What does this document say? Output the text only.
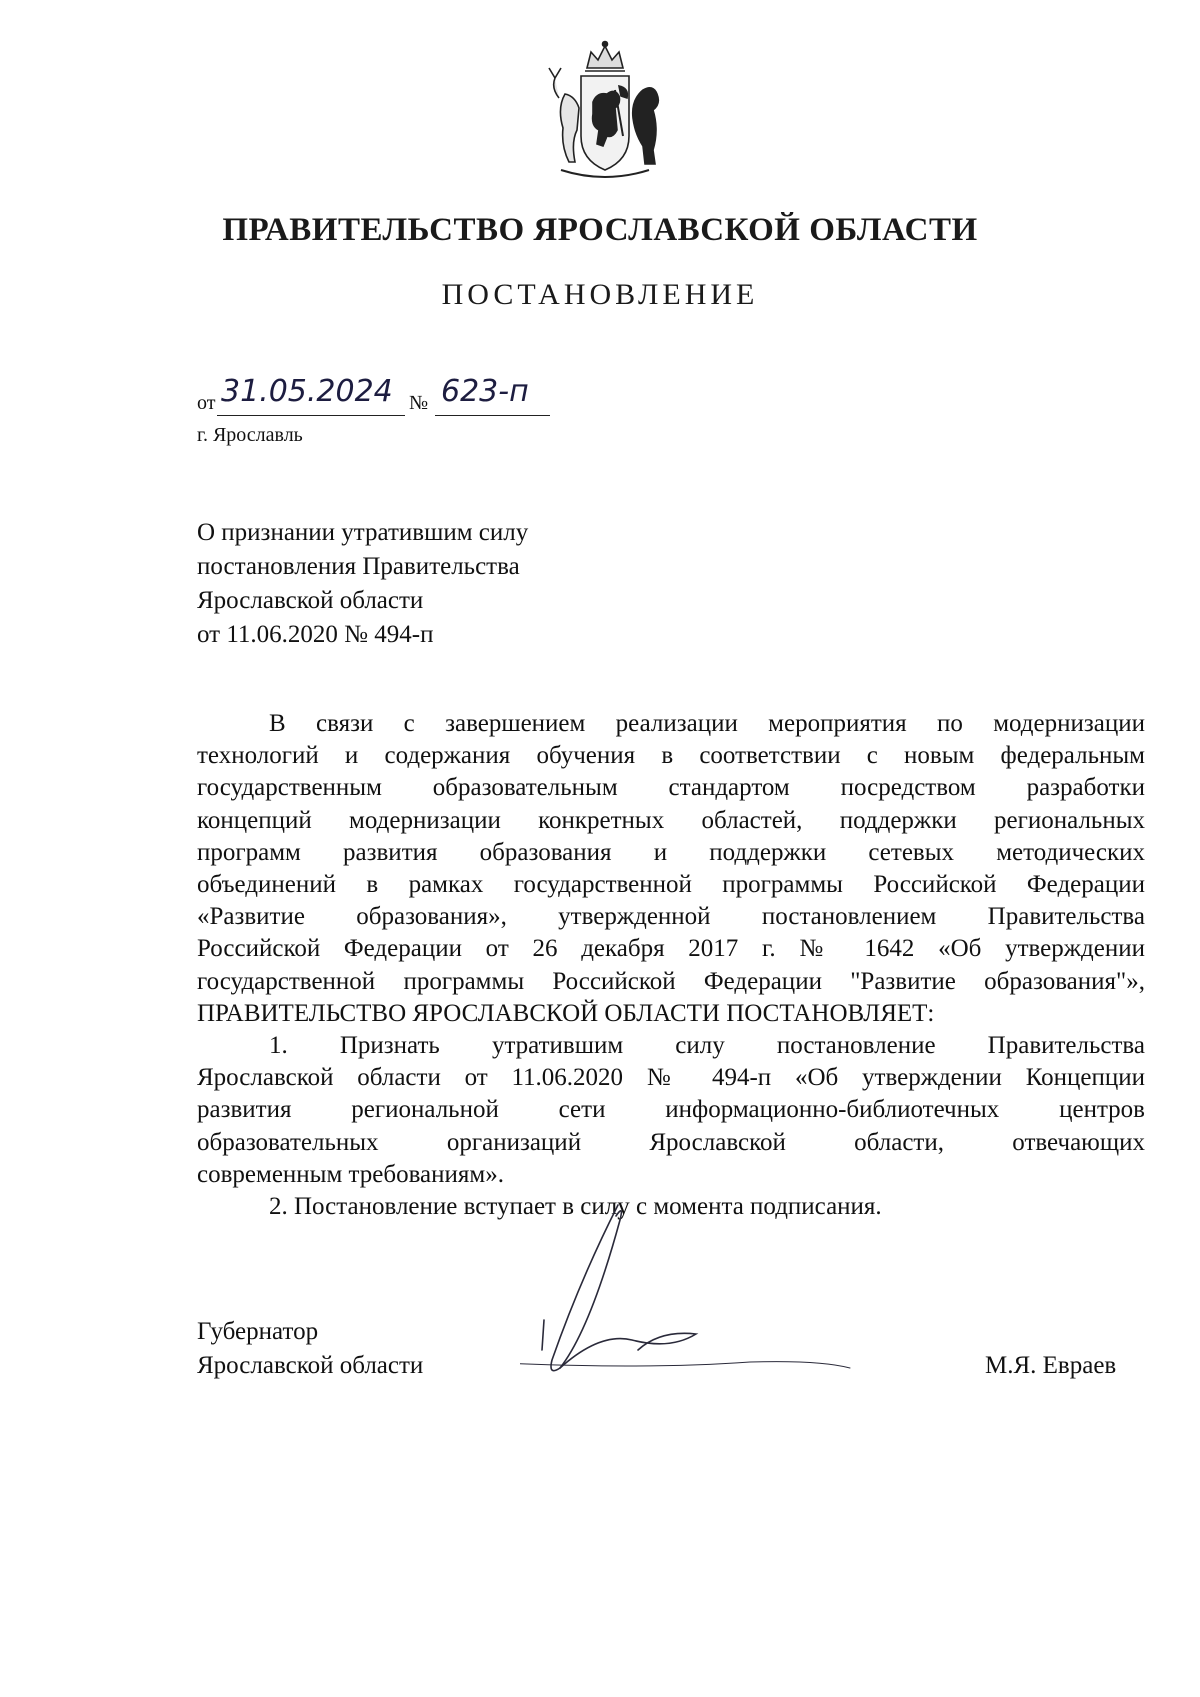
ПРАВИТЕЛЬСТВО ЯРОСЛАВСКОЙ ОБЛАСТИ
ПОСТАНОВЛЕНИЕ
от 31.05.2024 № 623-п
г. Ярославль
О признании утратившим силу
постановления Правительства
Ярославской области
от 11.06.2020 № 494-п

В связи с завершением реализации мероприятия по модернизации

технологий и содержания обучения в соответствии с новым федеральным

государственным образовательным стандартом посредством разработки

концепций модернизации конкретных областей, поддержки региональных

программ развития образования и поддержки сетевых методических

объединений в рамках государственной программы Российской Федерации

«Развитие образования», утвержденной постановлением Правительства

Российской Федерации от 26 декабря 2017 г. № 1642 «Об утверждении

государственной программы Российской Федерации "Развитие образования"»,

ПРАВИТЕЛЬСТВО ЯРОСЛАВСКОЙ ОБЛАСТИ ПОСТАНОВЛЯЕТ:

1. Признать утратившим силу постановление Правительства

Ярославской области от 11.06.2020 № 494-п «Об утверждении Концепции

развития региональной сети информационно-библиотечных центров

образовательных организаций Ярославской области, отвечающих

современным требованиям».

2. Постановление вступает в силу с момента подписания.

Губернатор
Ярославской области	М.Я. Евраев
